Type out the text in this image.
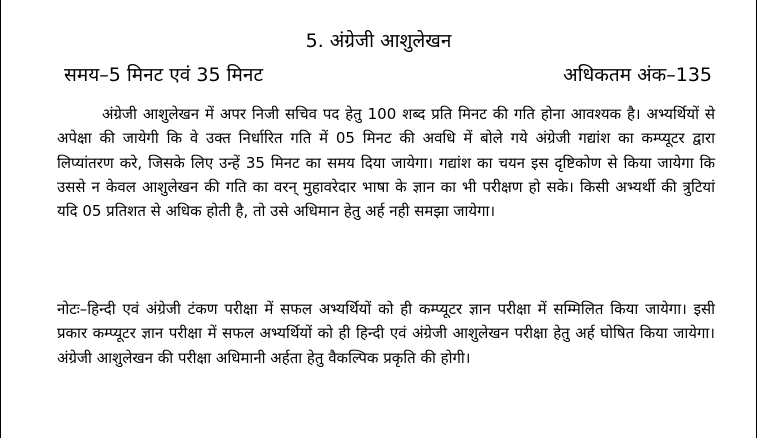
5. अंग्रेजी आशुलेखन
समय–5 मिनट एवं 35 मिनट	अधिकतम अंक–135

अंग्रेजी आशुलेखन में अपर निजी सचिव पद हेतु 100 शब्द प्रति मिनट की गति होना आवश्यक है। अभ्यर्थियों से अपेक्षा की जायेगी कि वे उक्त निर्धारित गति में 05 मिनट की अवधि में बोले गये अंग्रेजी गद्यांश का कम्प्यूटर द्वारा लिप्यांतरण करे, जिसके लिए उन्हें 35 मिनट का समय दिया जायेगा। गद्यांश का चयन इस दृष्टिकोण से किया जायेगा कि उससे न केवल आशुलेखन की गति का वरन् मुहावरेदार भाषा के ज्ञान का भी परीक्षण हो सके। किसी अभ्यर्थी की त्रुटियां यदि 05 प्रतिशत से अधिक होती है, तो उसे अधिमान हेतु अर्ह नही समझा जायेगा।

नोटः–हिन्दी एवं अंग्रेजी टंकण परीक्षा में सफल अभ्यर्थियों को ही कम्प्यूटर ज्ञान परीक्षा में सम्मिलित किया जायेगा। इसी प्रकार कम्प्यूटर ज्ञान परीक्षा में सफल अभ्यर्थियों को ही हिन्दी एवं अंग्रेजी आशुलेखन परीक्षा हेतु अर्ह घोषित किया जायेगा। अंग्रेजी आशुलेखन की परीक्षा अधिमानी अर्हता हेतु वैकल्पिक प्रकृति की होगी।
